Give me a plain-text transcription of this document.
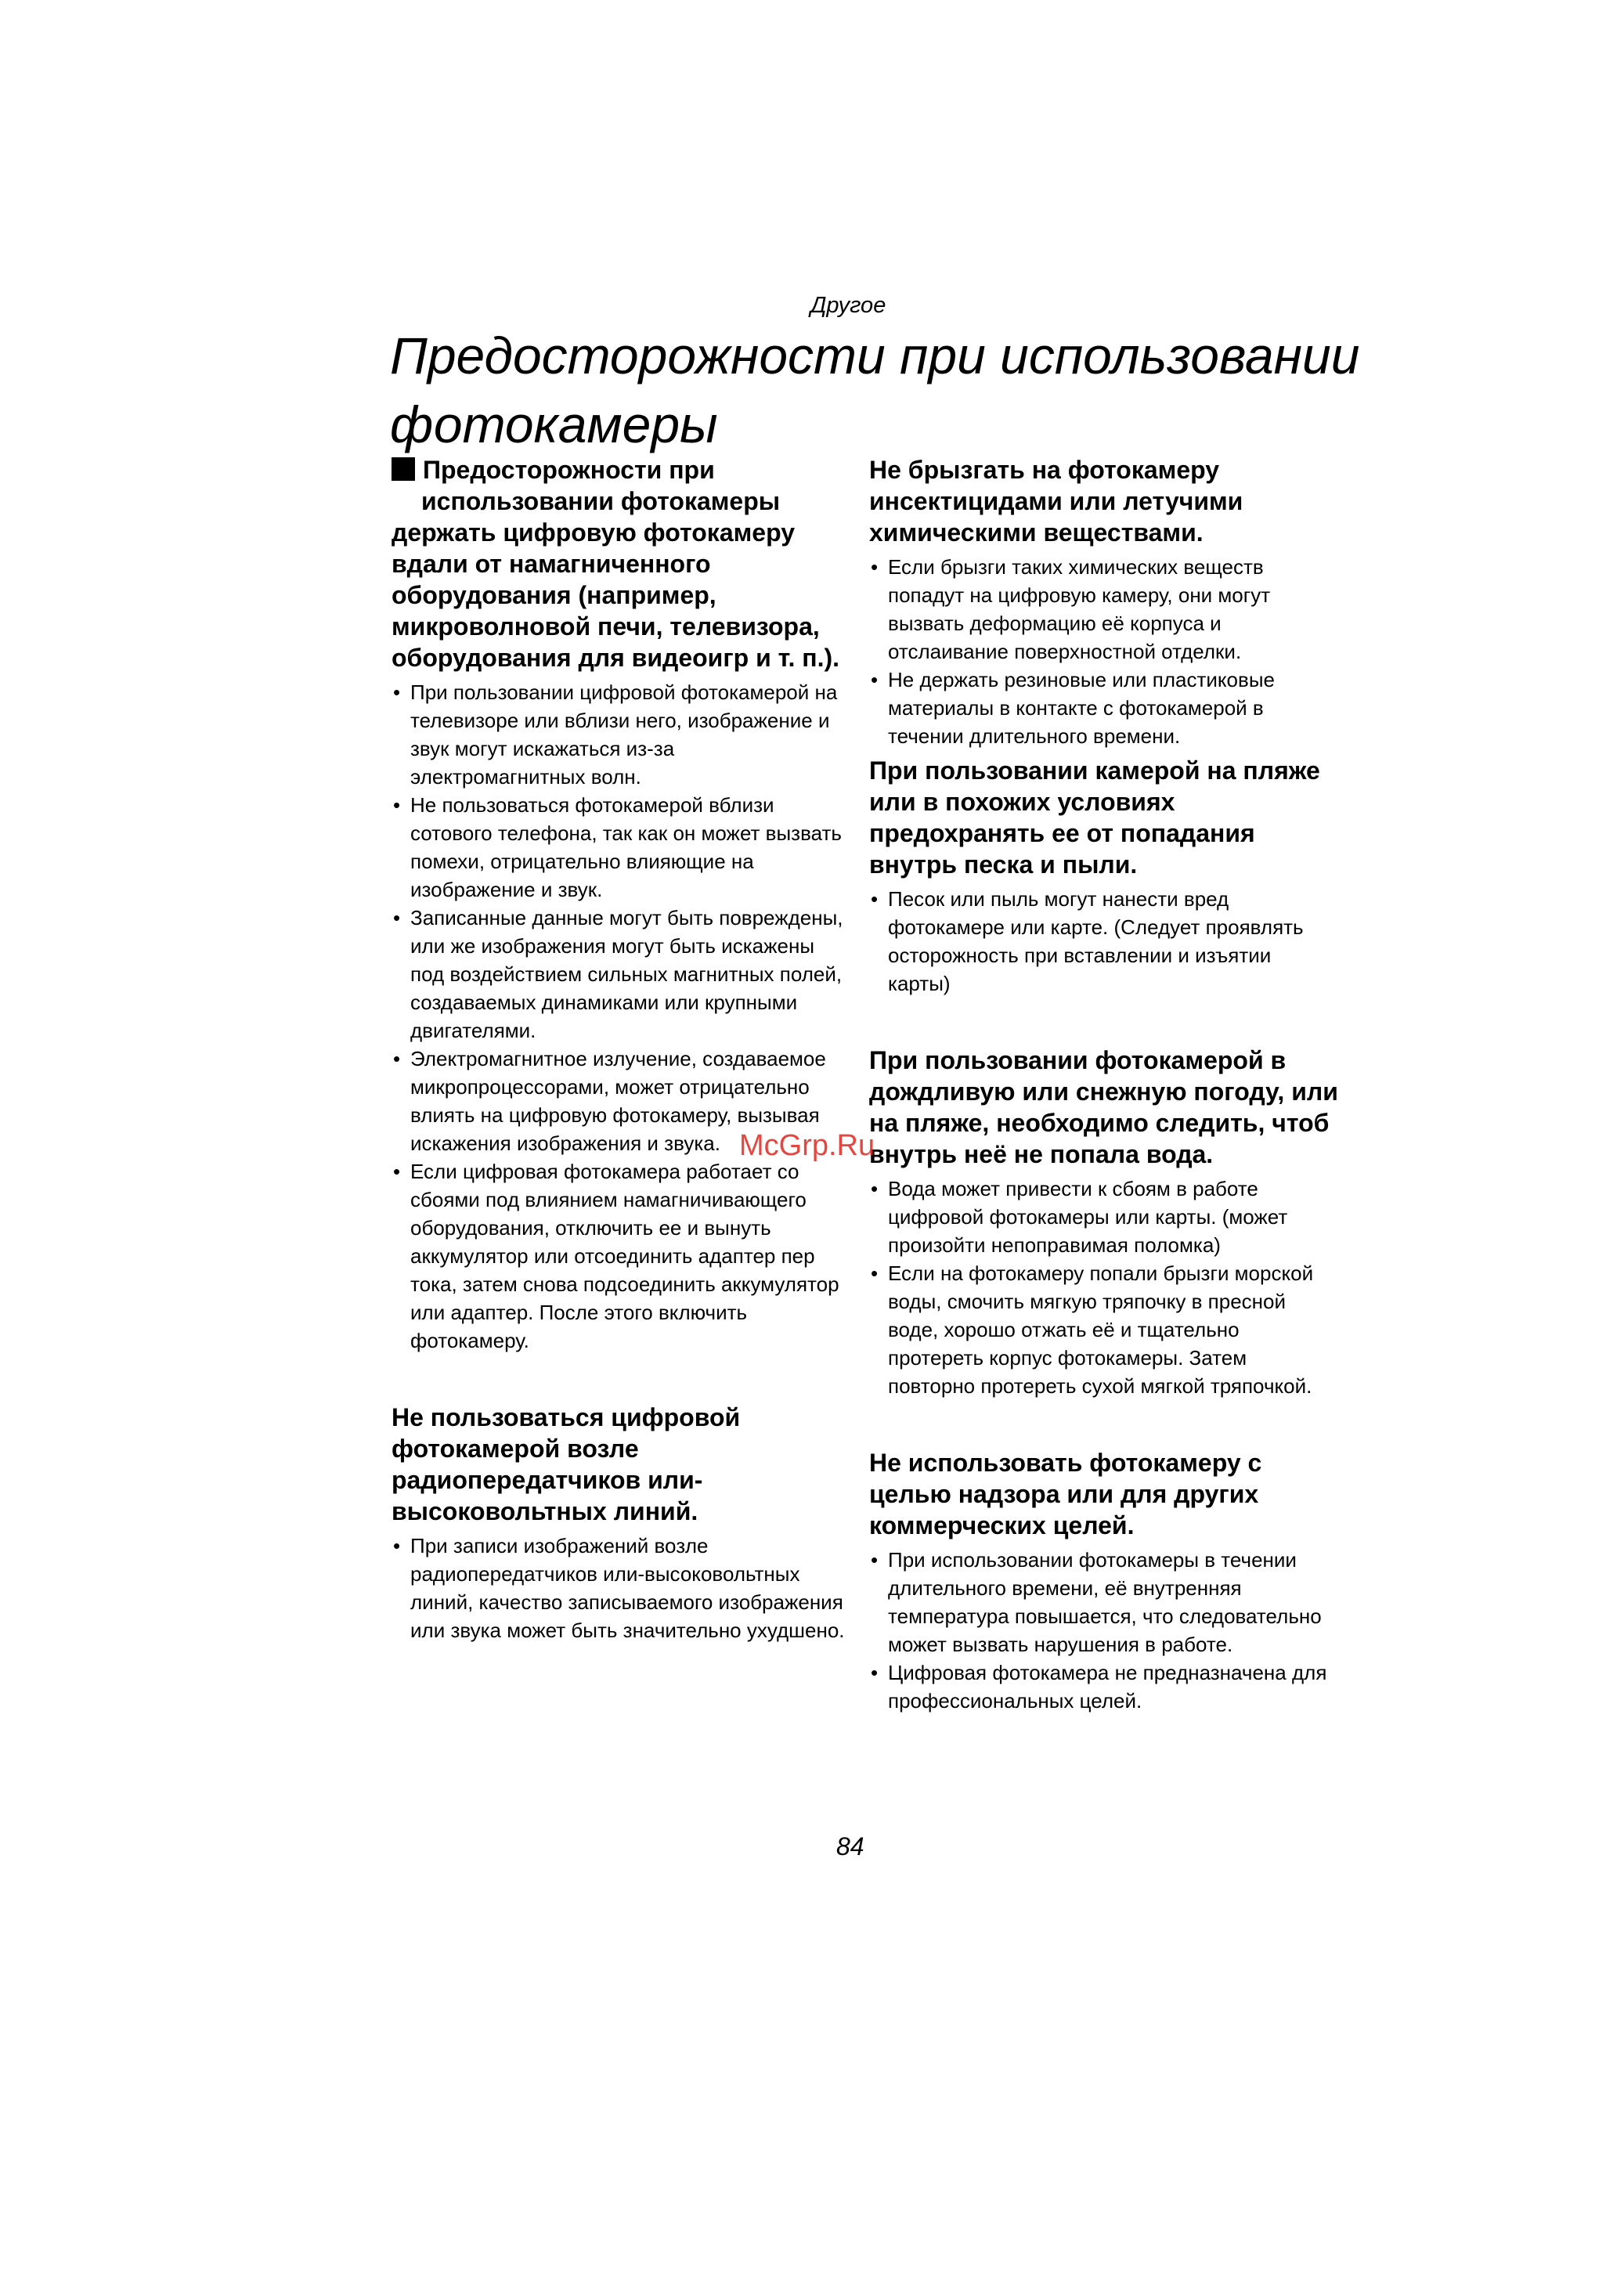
Другое
Предосторожности при использовании фотокамеры
Предосторожности при
использовании фотокамеры

держать цифровую фотокамеру вдали от намагниченного оборудования (например, микроволновой печи, телевизора, оборудования для видеоигр и т. п.).

• При пользовании цифровой фотокамерой на телевизоре или вблизи него, изображение и звук могут искажаться из-за электромагнитных волн.
• Не пользоваться фотокамерой вблизи сотового телефона, так как он может вызвать помехи, отрицательно влияющие на изображение и звук.
• Записанные данные могут быть повреждены, или же изображения могут быть искажены под воздействием сильных магнитных полей, создаваемых динамиками или крупными двигателями.
• Электромагнитное излучение, создаваемое микропроцессорами, может отрицательно влиять на цифровую фотокамеру, вызывая искажения изображения и звука.
• Если цифровая фотокамера работает со сбоями под влиянием намагничивающего оборудования, отключить ее и вынуть аккумулятор или отсоединить адаптер пер тока, затем снова подсоединить аккумулятор или адаптер. После этого включить фотокамеру.

Не пользоваться цифровой фотокамерой возле радиопередатчиков или-высоковольтных линий.

• При записи изображений возле радиопередатчиков или-высоковольтных линий, качество записываемого изображения или звука может быть значительно ухудшено.

Не брызгать на фотокамеру инсектицидами или летучими химическими веществами.

• Если брызги таких химических веществ попадут на цифровую камеру, они могут вызвать деформацию её корпуса и отслаивание поверхностной отделки.
• Не держать резиновые или пластиковые материалы в контакте с фотокамерой в течении длительного времени.

При пользовании камерой на пляже или в похожих условиях предохранять ее от попадания внутрь песка и пыли.

• Песок или пыль могут нанести вред фотокамере или карте. (Следует проявлять осторожность при вставлении и изъятии карты)

При пользовании фотокамерой в дождливую или снежную погоду, или на пляже, необходимо следить, чтоб внутрь неё не попала вода.

• Вода может привести к сбоям в работе цифровой фотокамеры или карты. (может произойти непоправимая поломка)
• Если на фотокамеру попали брызги морской воды, смочить мягкую тряпочку в пресной воде, хорошо отжать её и тщательно протереть корпус фотокамеры. Затем повторно протереть сухой мягкой тряпочкой.

Не использовать фотокамеру с целью надзора или для других коммерческих целей.

• При использовании фотокамеры в течении длительного времени, её внутренняя температура повышается, что следовательно может вызвать нарушения в работе.
• Цифровая фотокамера не предназначена для профессиональных целей.
McGrp.Ru
84
